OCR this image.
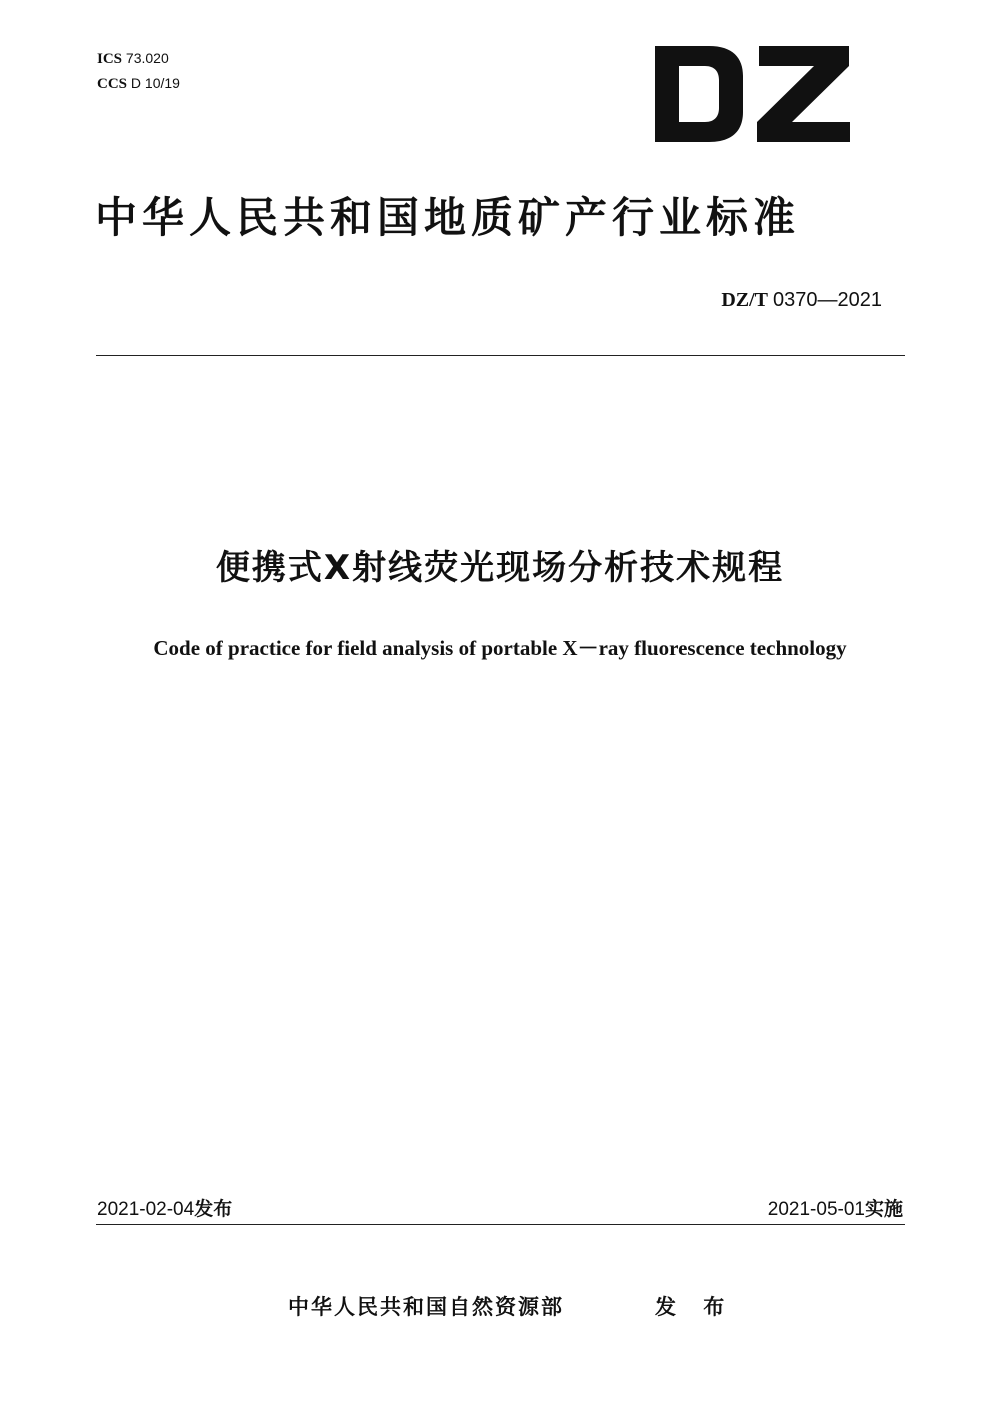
ICS 73.020
CCS D 10/19
中华人民共和国地质矿产行业标准
DZ/T 0370—2021
便携式X射线荧光现场分析技术规程
Code of practice for field analysis of portable X－ray fluorescence technology
2021-02-04发布	2021-05-01实施
中华人民共和国自然资源部	发 布
